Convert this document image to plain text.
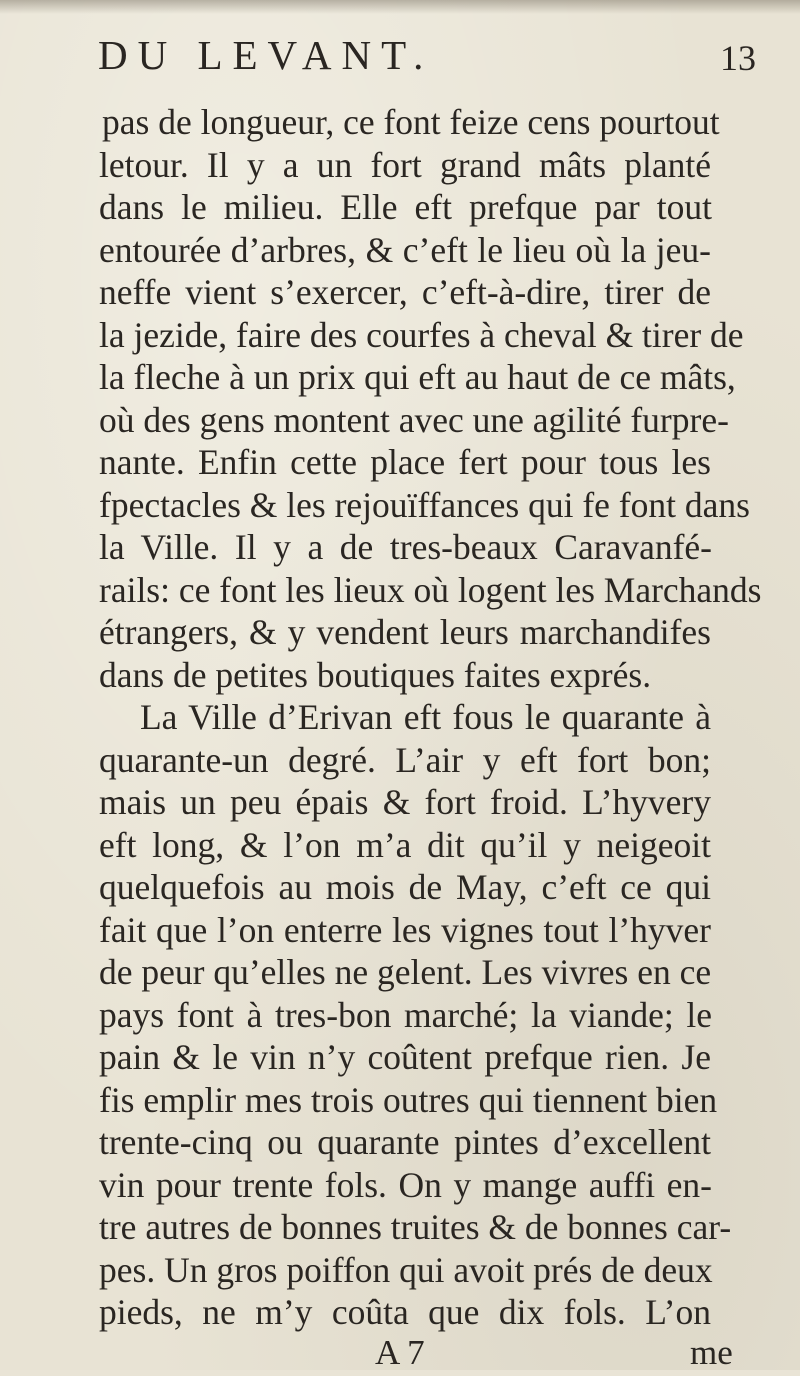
DU LEVANT.	13
pas de longueur, ce font feize cens pourtout
letour. Il y a un fort grand mâts planté
dans le milieu. Elle eft prefque par tout
entourée d’arbres, & c’eft le lieu où la jeu-
neffe vient s’exercer, c’eft-à-dire, tirer de
la jezide, faire des courfes à cheval & tirer de
la fleche à un prix qui eft au haut de ce mâts,
où des gens montent avec une agilité furpre-
nante. Enfin cette place fert pour tous les
fpectacles & les rejouïffances qui fe font dans
la Ville. Il y a de tres-beaux Caravanfé-
rails: ce font les lieux où logent les Marchands
étrangers, & y vendent leurs marchandifes
dans de petites boutiques faites exprés.
La Ville d’Erivan eft fous le quarante à
quarante-un degré. L’air y eft fort bon;
mais un peu épais & fort froid. L’hyvery
eft long, & l’on m’a dit qu’il y neigeoit
quelquefois au mois de May, c’eft ce qui
fait que l’on enterre les vignes tout l’hyver
de peur qu’elles ne gelent. Les vivres en ce
pays font à tres-bon marché; la viande; le
pain & le vin n’y coûtent prefque rien. Je
fis emplir mes trois outres qui tiennent bien
trente-cinq ou quarante pintes d’excellent
vin pour trente fols. On y mange auffi en-
tre autres de bonnes truites & de bonnes car-
pes. Un gros poiffon qui avoit prés de deux
pieds, ne m’y coûta que dix fols. L’on
A 7	me
